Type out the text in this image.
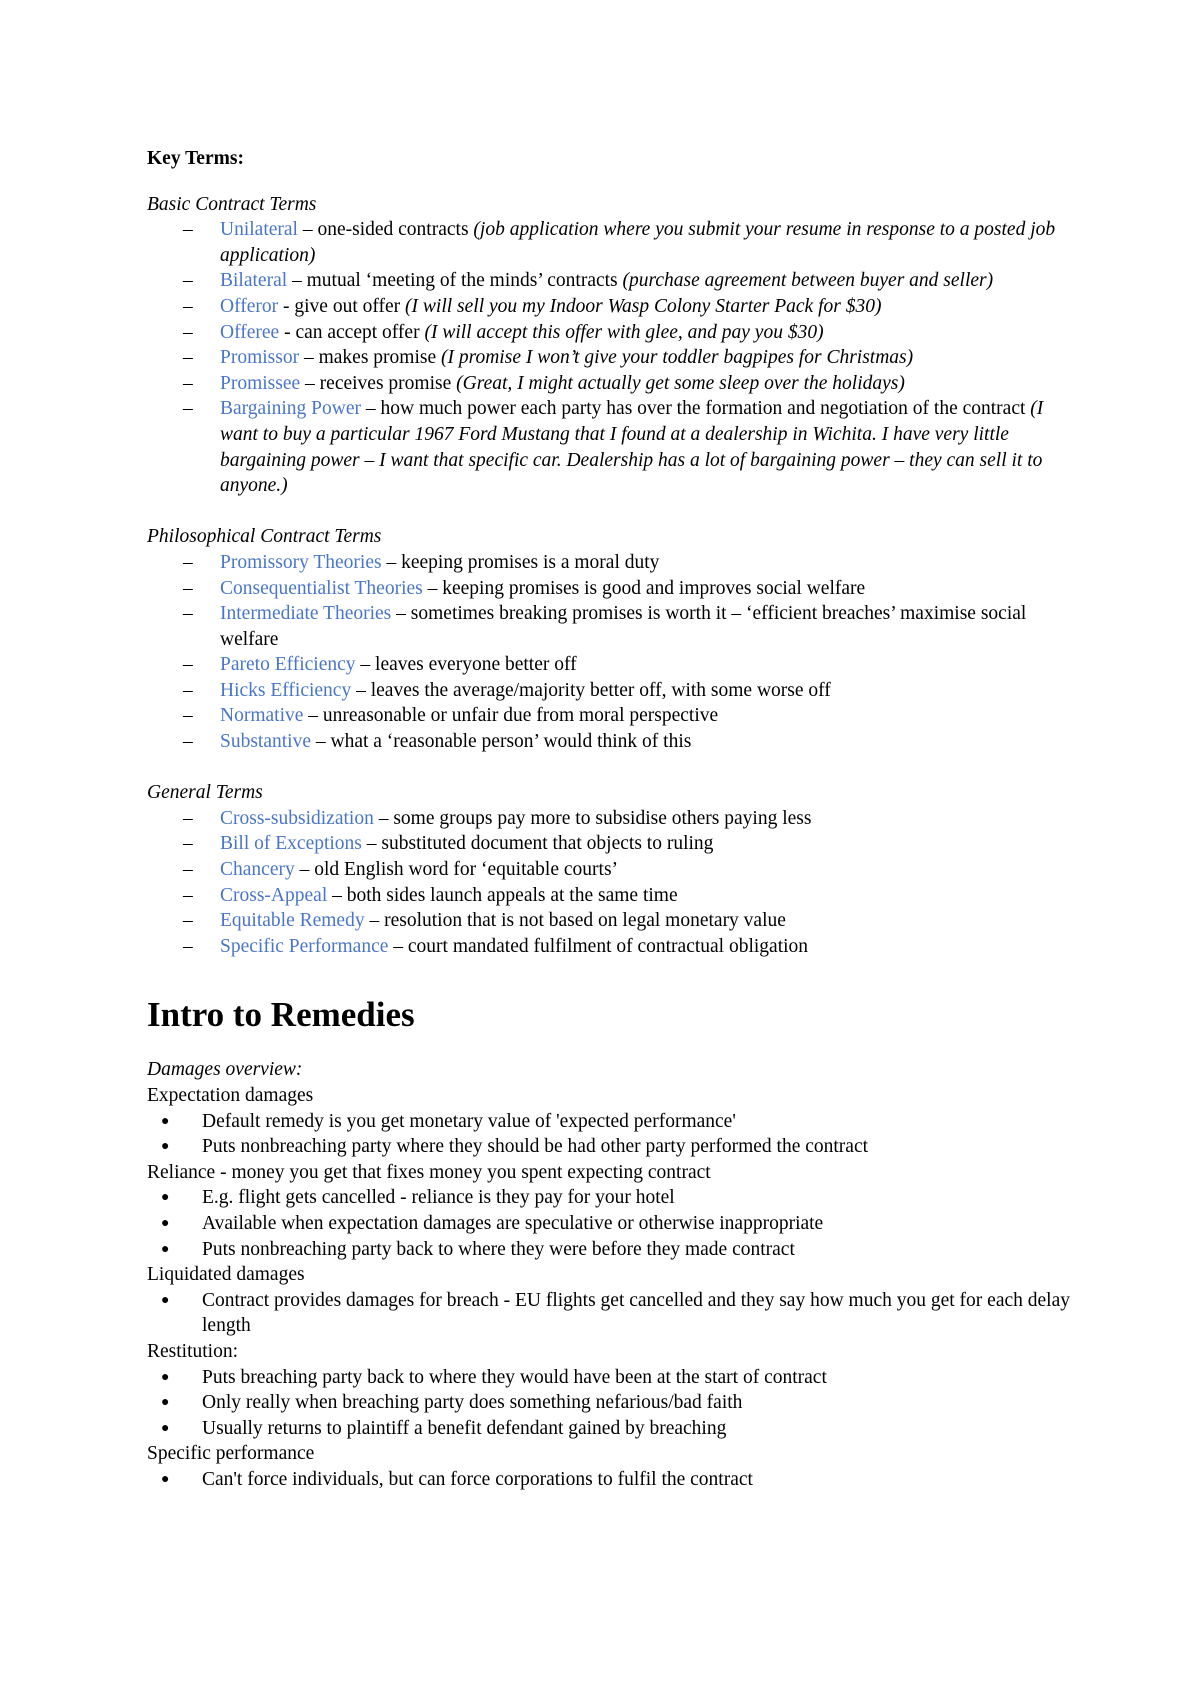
Key Terms:

Basic Contract Terms

– Unilateral – one-sided contracts (job application where you submit your resume in response to a posted job application)
– Bilateral – mutual ‘meeting of the minds’ contracts (purchase agreement between buyer and seller)
– Offeror - give out offer (I will sell you my Indoor Wasp Colony Starter Pack for $30)
– Offeree - can accept offer (I will accept this offer with glee, and pay you $30)
– Promissor – makes promise (I promise I won’t give your toddler bagpipes for Christmas)
– Promissee – receives promise (Great, I might actually get some sleep over the holidays)
– Bargaining Power – how much power each party has over the formation and negotiation of the contract (I want to buy a particular 1967 Ford Mustang that I found at a dealership in Wichita. I have very little bargaining power – I want that specific car. Dealership has a lot of bargaining power – they can sell it to anyone.)

Philosophical Contract Terms

– Promissory Theories – keeping promises is a moral duty
– Consequentialist Theories – keeping promises is good and improves social welfare
– Intermediate Theories – sometimes breaking promises is worth it – ‘efficient breaches’ maximise social welfare
– Pareto Efficiency – leaves everyone better off
– Hicks Efficiency – leaves the average/majority better off, with some worse off
– Normative – unreasonable or unfair due from moral perspective
– Substantive – what a ‘reasonable person’ would think of this

General Terms

– Cross-subsidization – some groups pay more to subsidise others paying less
– Bill of Exceptions – substituted document that objects to ruling
– Chancery – old English word for ‘equitable courts’
– Cross-Appeal – both sides launch appeals at the same time
– Equitable Remedy – resolution that is not based on legal monetary value
– Specific Performance – court mandated fulfilment of contractual obligation
Intro to Remedies

Damages overview:

Expectation damages

● Default remedy is you get monetary value of 'expected performance'
● Puts nonbreaching party where they should be had other party performed the contract

Reliance - money you get that fixes money you spent expecting contract

● E.g. flight gets cancelled - reliance is they pay for your hotel
● Available when expectation damages are speculative or otherwise inappropriate
● Puts nonbreaching party back to where they were before they made contract

Liquidated damages

● Contract provides damages for breach - EU flights get cancelled and they say how much you get for each delay length

Restitution:

● Puts breaching party back to where they would have been at the start of contract
● Only really when breaching party does something nefarious/bad faith
● Usually returns to plaintiff a benefit defendant gained by breaching

Specific performance

● Can't force individuals, but can force corporations to fulfil the contract
